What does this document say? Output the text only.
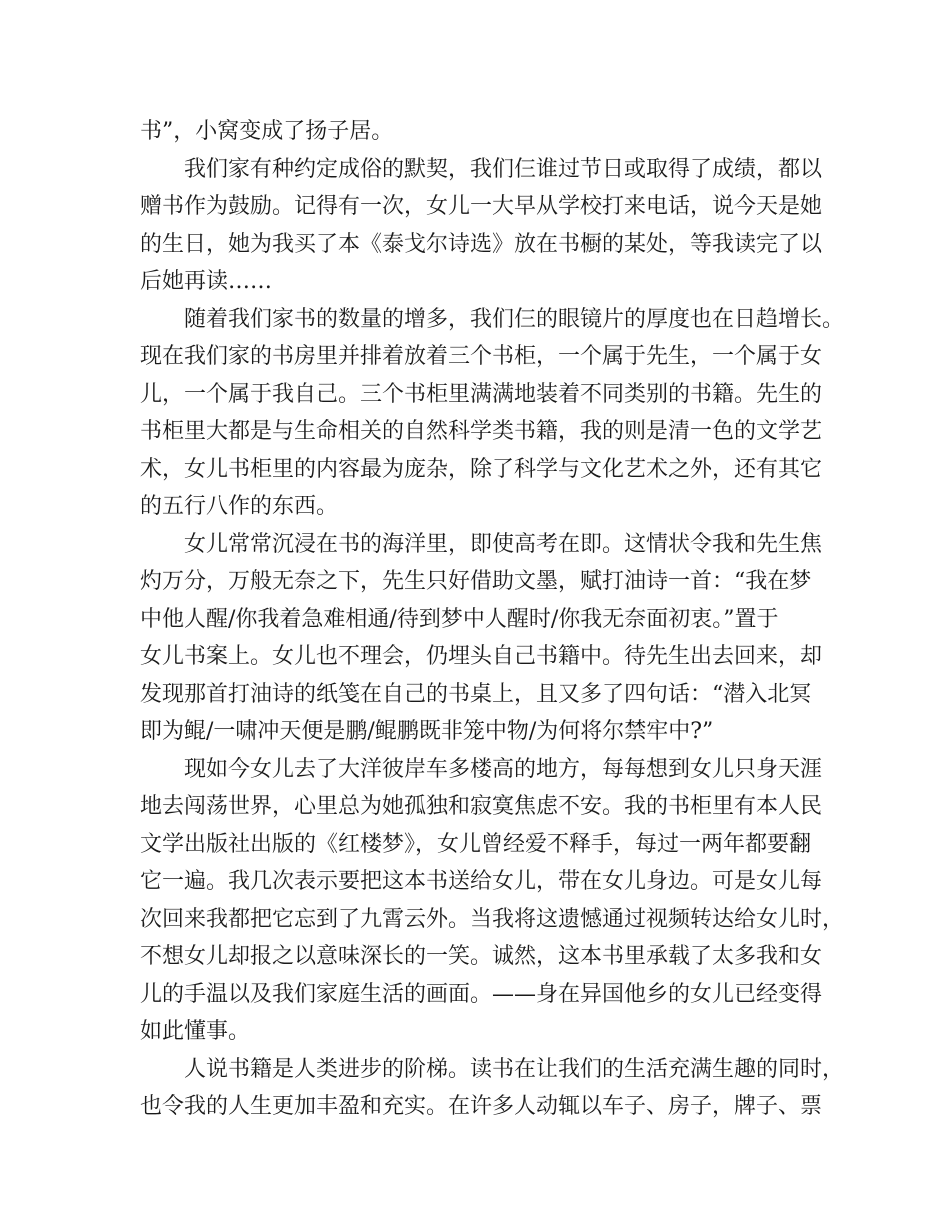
书”，小窝变成了扬子居。
我们家有种约定成俗的默契，我们仨谁过节日或取得了成绩，都以
赠书作为鼓励。记得有一次，女儿一大早从学校打来电话，说今天是她
的生日，她为我买了本《泰戈尔诗选》放在书橱的某处，等我读完了以
后她再读……
随着我们家书的数量的增多，我们仨的眼镜片的厚度也在日趋增长。
现在我们家的书房里并排着放着三个书柜，一个属于先生，一个属于女
儿，一个属于我自己。三个书柜里满满地装着不同类别的书籍。先生的
书柜里大都是与生命相关的自然科学类书籍，我的则是清一色的文学艺
术，女儿书柜里的内容最为庞杂，除了科学与文化艺术之外，还有其它
的五行八作的东西。
女儿常常沉浸在书的海洋里，即使高考在即。这情状令我和先生焦
灼万分，万般无奈之下，先生只好借助文墨，赋打油诗一首：“我在梦
中他人醒/你我着急难相通/待到梦中人醒时/你我无奈面初衷。”置于
女儿书案上。女儿也不理会，仍埋头自己书籍中。待先生出去回来，却
发现那首打油诗的纸笺在自己的书桌上，且又多了四句话：“潜入北冥
即为鲲/一啸冲天便是鹏/鲲鹏既非笼中物/为何将尔禁牢中?”
现如今女儿去了大洋彼岸车多楼高的地方，每每想到女儿只身天涯
地去闯荡世界，心里总为她孤独和寂寞焦虑不安。我的书柜里有本人民
文学出版社出版的《红楼梦》，女儿曾经爱不释手，每过一两年都要翻
它一遍。我几次表示要把这本书送给女儿，带在女儿身边。可是女儿每
次回来我都把它忘到了九霄云外。当我将这遗憾通过视频转达给女儿时，
不想女儿却报之以意味深长的一笑。诚然，这本书里承载了太多我和女
儿的手温以及我们家庭生活的画面。——身在异国他乡的女儿已经变得
如此懂事。
人说书籍是人类进步的阶梯。读书在让我们的生活充满生趣的同时，
也令我的人生更加丰盈和充实。在许多人动辄以车子、房子，牌子、票
